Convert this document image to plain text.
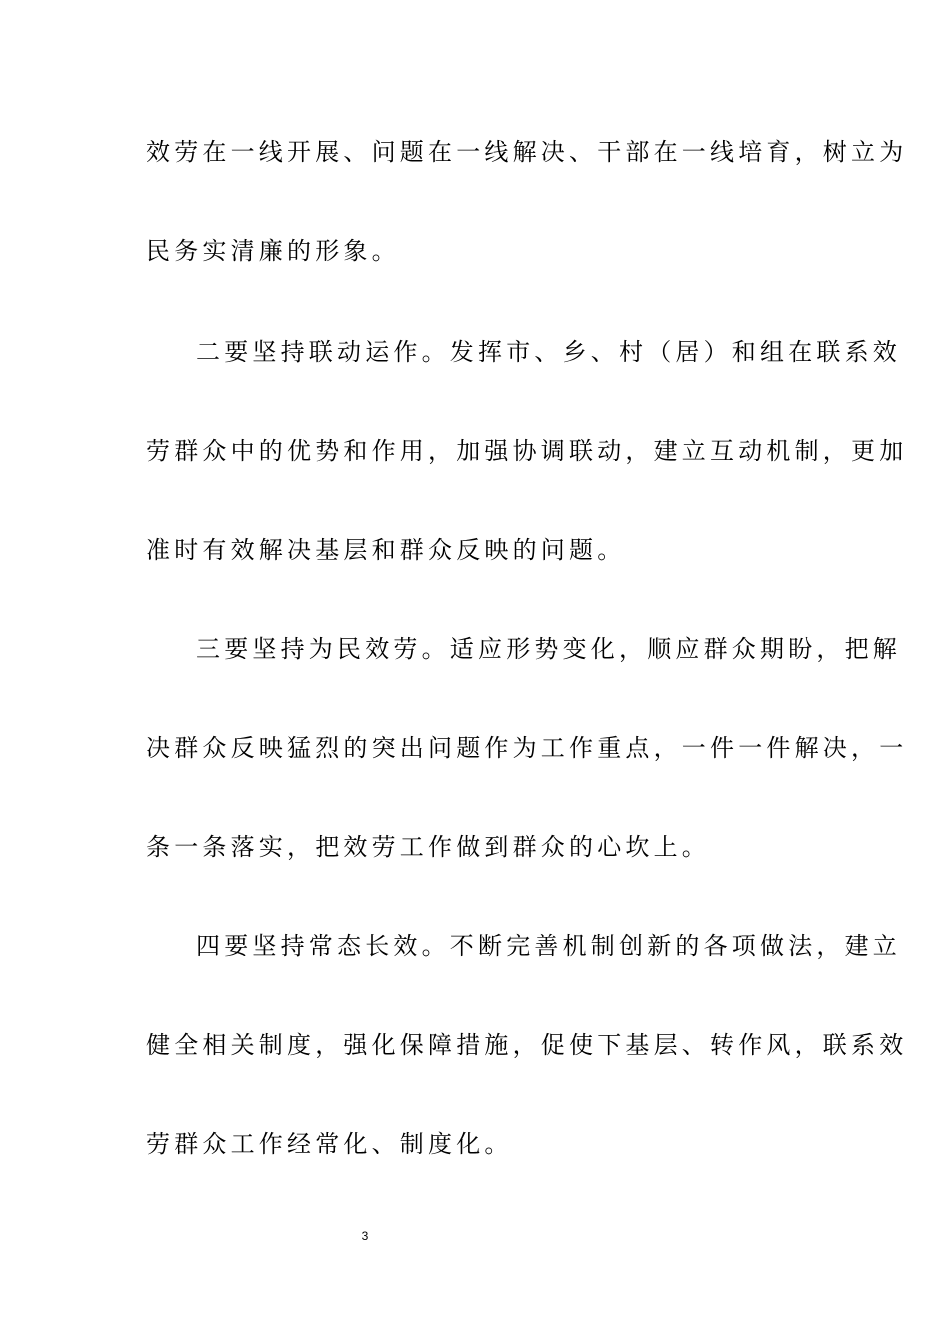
效劳在一线开展、问题在一线解决、干部在一线培育，树立为
民务实清廉的形象。
二要坚持联动运作。发挥市、乡、村（居）和组在联系效
劳群众中的优势和作用，加强协调联动，建立互动机制，更加
准时有效解决基层和群众反映的问题。
三要坚持为民效劳。适应形势变化，顺应群众期盼，把解
决群众反映猛烈的突出问题作为工作重点，一件一件解决，一
条一条落实，把效劳工作做到群众的心坎上。
四要坚持常态长效。不断完善机制创新的各项做法，建立
健全相关制度，强化保障措施，促使下基层、转作风，联系效
劳群众工作经常化、制度化。
3
